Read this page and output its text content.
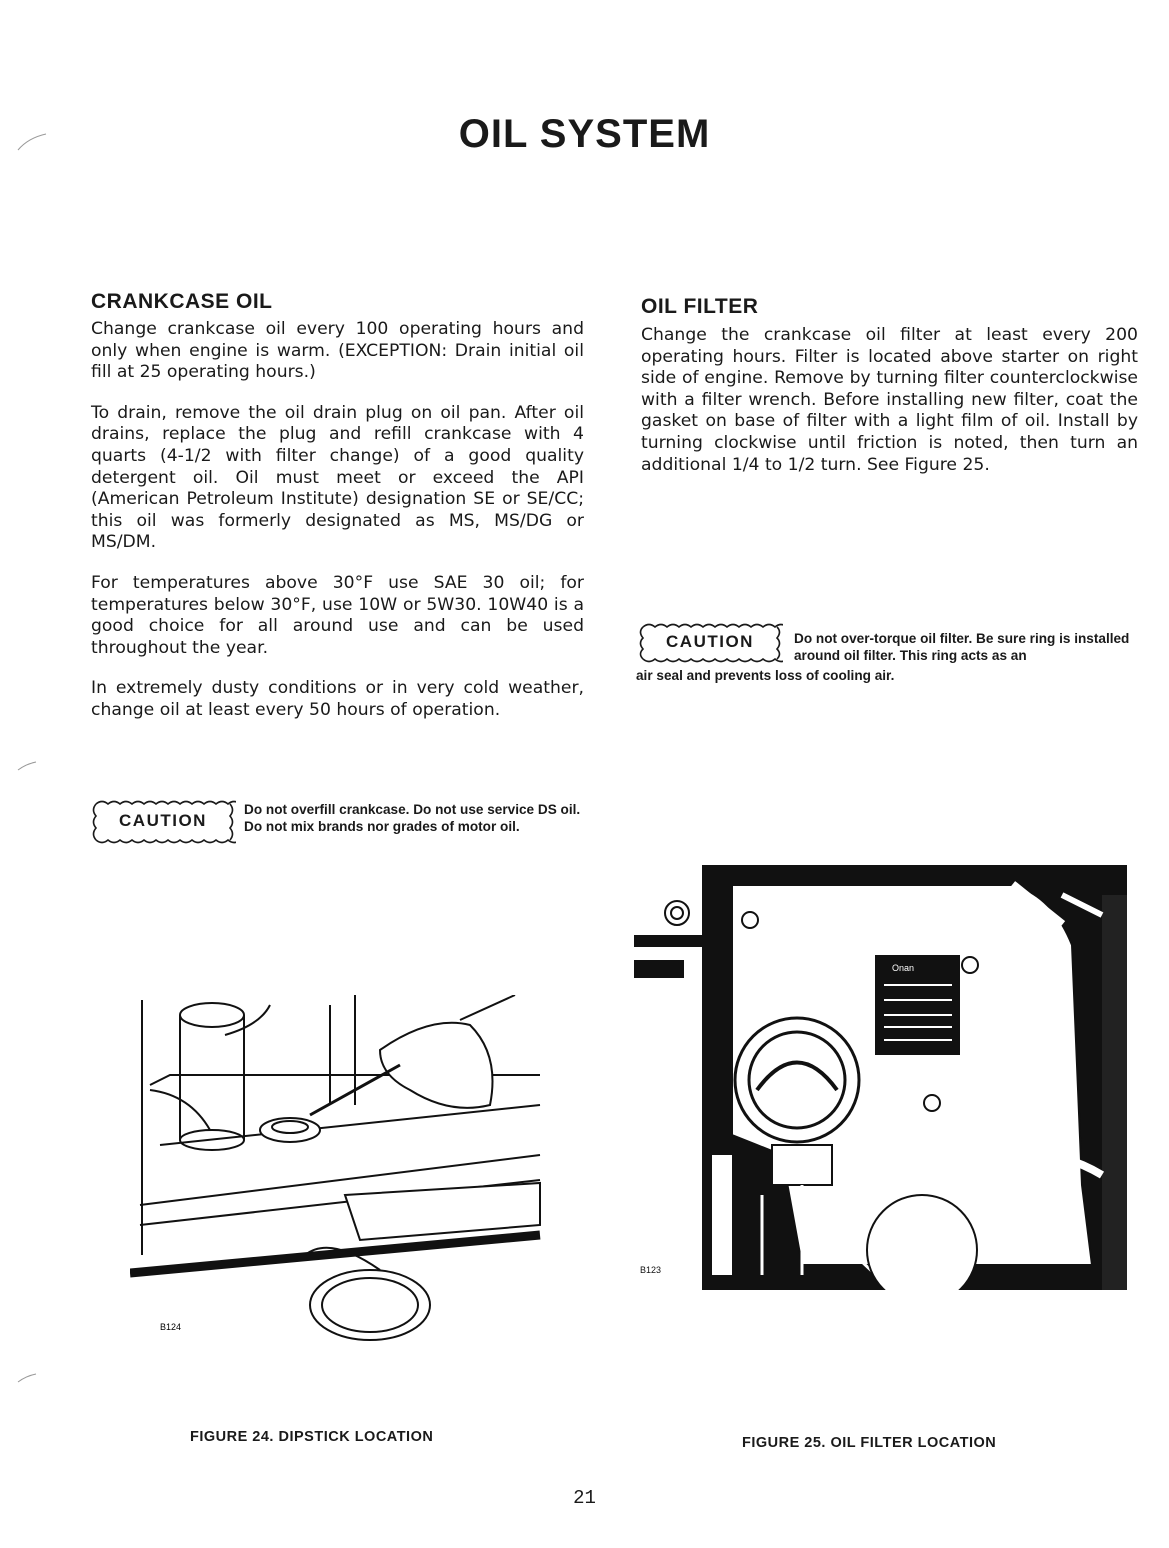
OIL SYSTEM
CRANKCASE OIL

Change crankcase oil every 100 operating hours and only when engine is warm. (EXCEPTION: Drain initial oil fill at 25 operating hours.)

To drain, remove the oil drain plug on oil pan. After oil drains, replace the plug and refill crankcase with 4 quarts (4-1/2 with filter change) of a good quality detergent oil. Oil must meet or exceed the API (American Petroleum Institute) designation SE or SE/CC; this oil was formerly designated as MS, MS/DG or MS/DM.

For temperatures above 30°F use SAE 30 oil; for temperatures below 30°F, use 10W or 5W30. 10W40 is a good choice for all around use and can be used throughout the year.

In extremely dusty conditions or in very cold weather, change oil at least every 50 hours of operation.

CAUTION
Do not overfill crankcase. Do not use service DS oil. Do not mix brands nor grades of motor oil.
OIL FILTER

Change the crankcase oil filter at least every 200 operating hours. Filter is located above starter on right side of engine. Remove by turning filter counterclockwise with a filter wrench. Before installing new filter, coat the gasket on base of filter with a light film of oil. Install by turning clockwise until friction is noted, then turn an additional 1/4 to 1/2 turn. See Figure 25.

CAUTION	Do not over-torque oil filter. Be sure ring is installed around oil filter. This ring acts as an
air seal and prevents loss of cooling air.
B124
Onan
B123
FIGURE 24. DIPSTICK LOCATION	FIGURE 25. OIL FILTER LOCATION
21
